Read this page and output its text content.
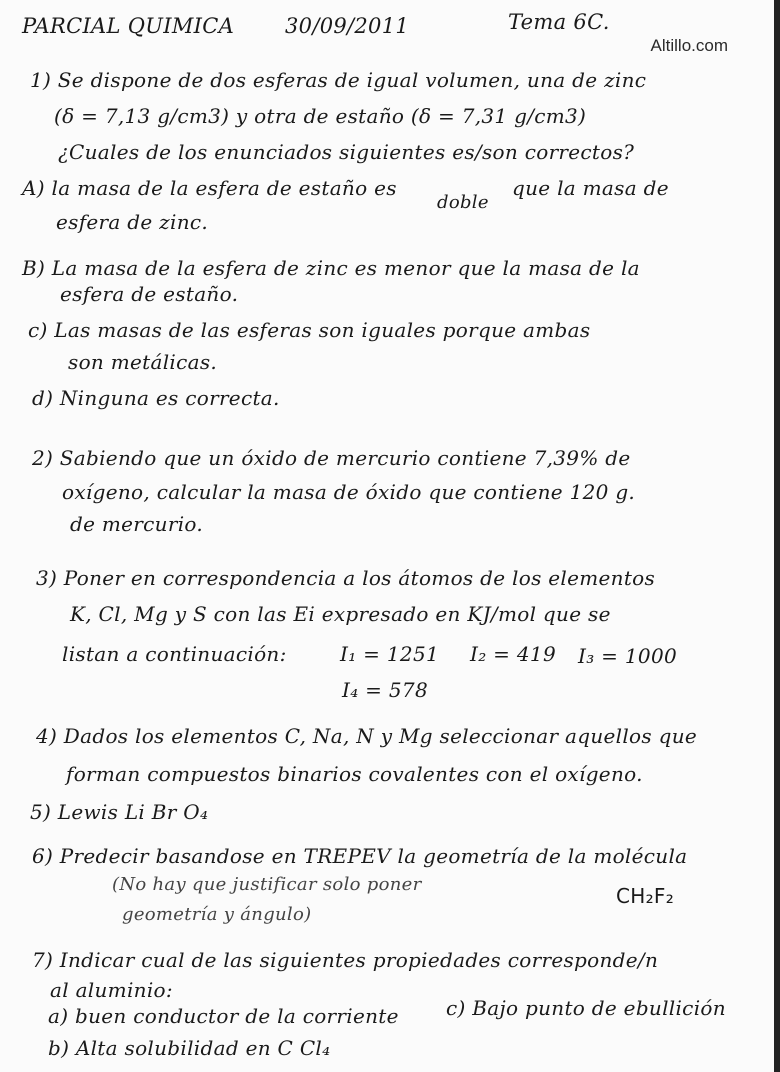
PARCIAL QUIMICA 30/09/2011	Tema 6C.
Altillo.com
1) Se dispone de dos esferas de igual volumen, una de zinc
(δ = 7,13 g/cm3) y otra de estaño (δ = 7,31 g/cm3)
¿Cuales de los enunciados siguientes es/son correctos?
A) la masa de la esfera de estaño es
doble
que la masa de
esfera de zinc.
B) La masa de la esfera de zinc es menor que la masa de la
esfera de estaño.
c) Las masas de las esferas son iguales porque ambas
son metálicas.
d) Ninguna es correcta.
2) Sabiendo que un óxido de mercurio contiene 7,39% de
oxígeno, calcular la masa de óxido que contiene 120 g.
de mercurio.
3) Poner en correspondencia a los átomos de los elementos
K, Cl, Mg y S con las Ei expresado en KJ/mol que se
listan a continuación:	I₁ = 1251 I₂ = 419 I₃ = 1000
I₄ = 578
4) Dados los elementos C, Na, N y Mg seleccionar aquellos que
forman compuestos binarios covalentes con el oxígeno.
5) Lewis Li Br O₄
6) Predecir basandose en TREPEV la geometría de la molécula
(No hay que justificar solo poner
geometría y ángulo)
CH₂F₂
7) Indicar cual de las siguientes propiedades corresponde/n
al aluminio:
a) buen conductor de la corriente c) Bajo punto de ebullición
b) Alta solubilidad en C Cl₄
